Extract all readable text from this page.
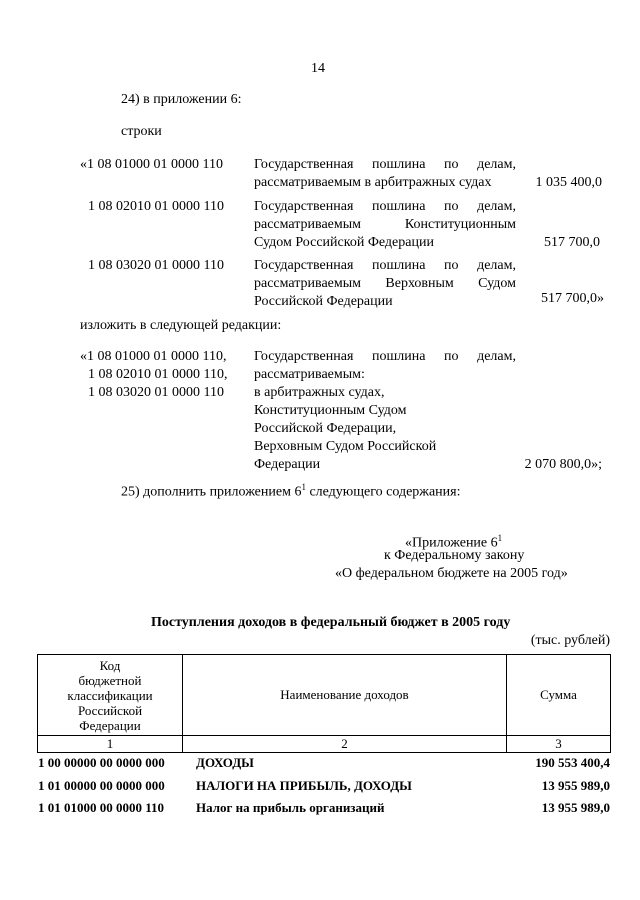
14
24) в приложении 6:
строки
«1 08 01000 01 0000 110 Государственная пошлина по делам,
рассматриваемым в арбитражных судах	1 035 400,0
1 08 02010 01 0000 110 Государственная пошлина по делам,
рассматриваемым Конституционным
Судом Российской Федерации	517 700,0
1 08 03020 01 0000 110 Государственная пошлина по делам,
рассматриваемым Верховным Судом
Российской Федерации	517 700,0»
изложить в следующей редакции:
«1 08 01000 01 0000 110,
1 08 02010 01 0000 110,
1 08 03020 01 0000 110
Государственная пошлина по делам,
рассматриваемым:
в арбитражных судах,
Конституционным Судом
Российской Федерации,
Верховным Судом Российской
Федерации	2 070 800,0»;
25) дополнить приложением $6^1$ следующего содержания:
«Приложение $6^1$
к Федеральному закону
«О федеральном бюджете на 2005 год»
Поступления доходов в федеральный бюджет в 2005 году
(тыс. рублей)
Код
бюджетной
классификации
Российской
Федерации	Наименование доходов	Сумма
1	2	3
1 00 00000 00 0000 000 ДОХОДЫ	190 553 400,4
1 01 00000 00 0000 000 НАЛОГИ НА ПРИБЫЛЬ, ДОХОДЫ	13 955 989,0
1 01 01000 00 0000 110 Налог на прибыль организаций	13 955 989,0
